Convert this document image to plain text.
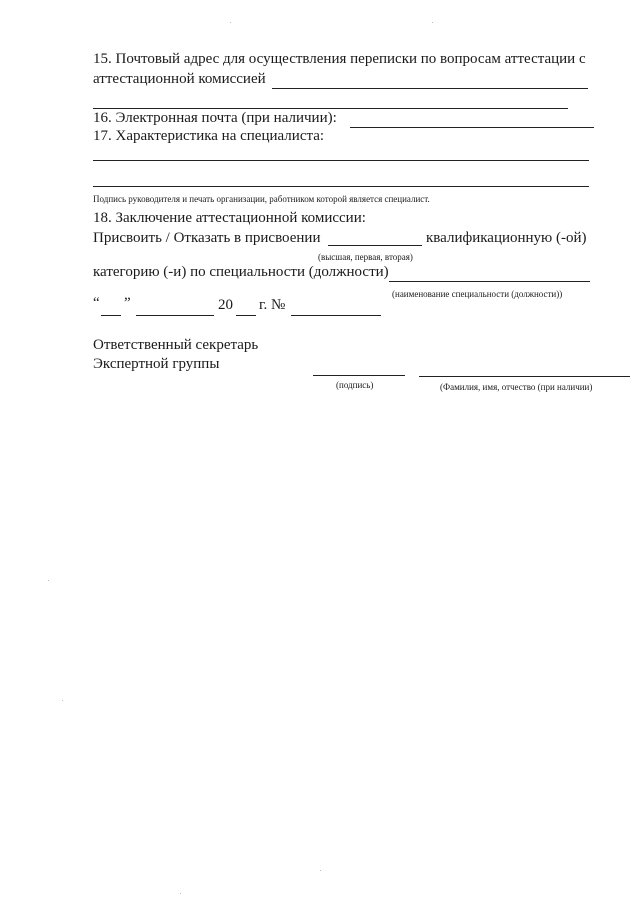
15. Почтовый адрес для осуществления переписки по вопросам аттестации с
аттестационной комиссией
16. Электронная почта (при наличии):
17. Характеристика на специалиста:
Подпись руководителя и печать организации, работником которой является специалист.
18. Заключение аттестационной комиссии:
Присвоить / Отказать в присвоении	квалификационную (-ой)
(высшая, первая, вторая)
категорию (-и) по специальности (должности)
(наименование специальности (должности))
“ ”	20 г. №
Ответственный секретарь
Экспертной группы
(подпись)	(Фамилия, имя, отчество (при наличии)
